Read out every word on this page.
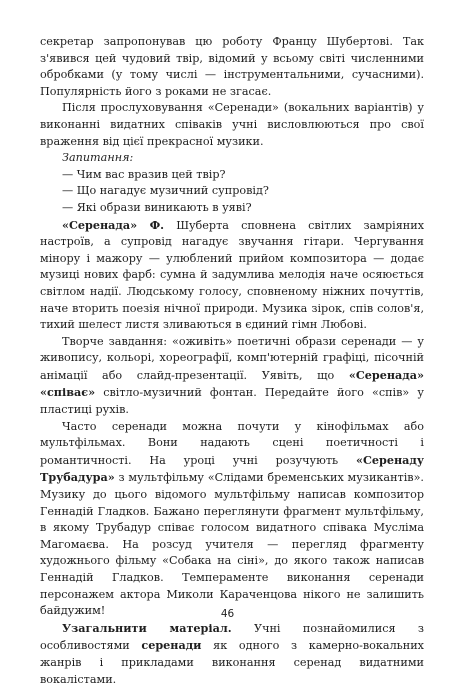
секретар запропонував цю роботу Францу Шубертові. Так з'явився цей чудовий твір, відомий у всьому світі численними обробками (у тому числі — інструментальними, сучасними). Популярність його з роками не згасає.

Після прослуховування «Серенади» (вокальних варіантів) у виконанні видатних співаків учні висловлюються про свої враження від цієї прекрасної музики.

Запитання:

— Чим вас вразив цей твір?

— Що нагадує музичний супровід?

— Які образи виникають в уяві?

«Серенада» Ф. Шуберта сповнена світлих замріяних настроїв, а супровід нагадує звучання гітари. Чергування мінору і мажору — улюблений прийом композитора — додає музиці нових фарб: сумна й задумлива мелодія наче осяюється світлом надії. Людському голосу, сповненому ніжних почуттів, наче вторить поезія нічної природи. Музика зірок, спів солов'я, тихий шелест листя зливаються в єдиний гімн Любові.

Творче завдання: «оживіть» поетичні образи серенади — у живопису, кольорі, хореографії, комп'ютерній графіці, пісочній анімації або слайд-презентації. Уявіть, що «Серенада» «співає» світло-музичний фонтан. Передайте його «спів» у пластиці рухів.

Часто серенади можна почути у кінофільмах або мультфільмах. Вони надають сцені поетичності і романтичності. На уроці учні розучують «Серенаду Трубадура» з мультфільму «Слідами бременських музикантів». Музику до цього відомого мультфільму написав композитор Геннадій Гладков. Бажано переглянути фрагмент мультфільму, в якому Трубадур співає голосом видатного співака Муслiма Магомаєва. На розсуд учителя — перегляд фрагменту художнього фільму «Собака на сіні», до якого також написав Геннадій Гладков. Темпераменте виконання серенади персонажем актора Миколи Караченцова нікого не залишить байдужим!

Узагальнити матеріал. Учні познайомилися з особливостями серенади як одного з камерно-вокальних жанрів і прикладами виконання серенад видатними вокалістами.

46
